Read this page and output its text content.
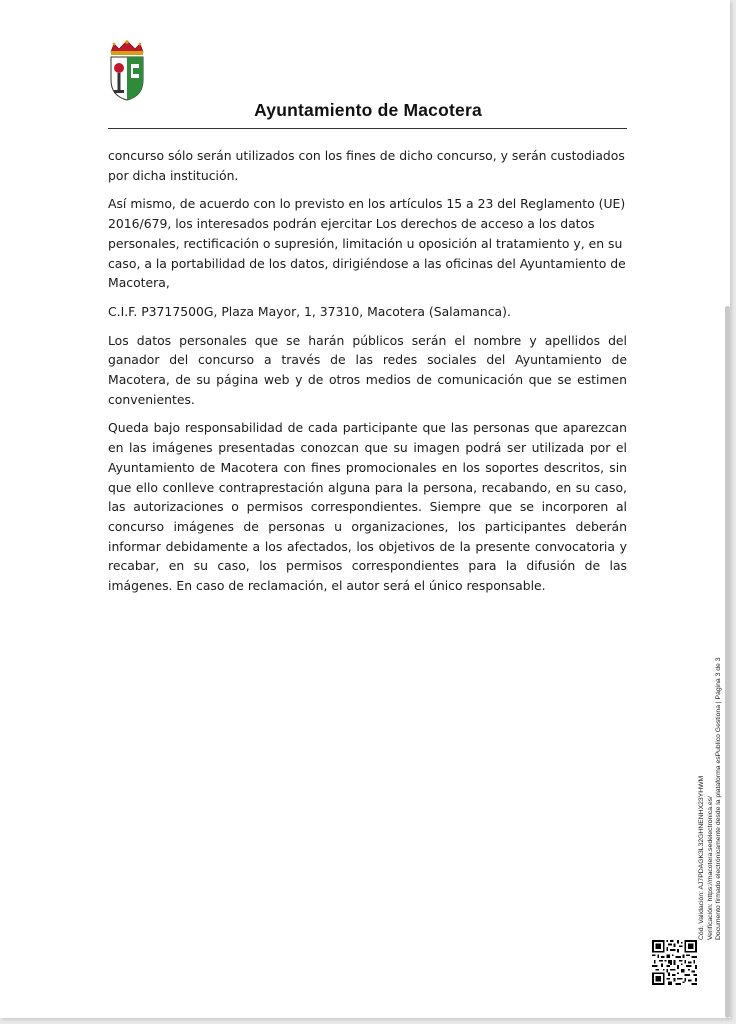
Ayuntamiento de Macotera

concurso sólo serán utilizados con los fines de dicho concurso, y serán custodiados por dicha institución.

Así mismo, de acuerdo con lo previsto en los artículos 15 a 23 del Reglamento (UE) 2016/679, los interesados podrán ejercitar Los derechos de acceso a los datos personales, rectificación o supresión, limitación u oposición al tratamiento y, en su caso, a la portabilidad de los datos, dirigiéndose a las oficinas del Ayuntamiento de Macotera,

C.I.F. P3717500G, Plaza Mayor, 1, 37310, Macotera (Salamanca).

Los datos personales que se harán públicos serán el nombre y apellidos del ganador del concurso a través de las redes sociales del Ayuntamiento de Macotera, de su página web y de otros medios de comunicación que se estimen convenientes.

Queda bajo responsabilidad de cada participante que las personas que aparezcan en las imágenes presentadas conozcan que su imagen podrá ser utilizada por el Ayuntamiento de Macotera con fines promocionales en los soportes descritos, sin que ello conlleve contraprestación alguna para la persona, recabando, en su caso, las autorizaciones o permisos correspondientes. Siempre que se incorporen al concurso imágenes de personas u organizaciones, los participantes deberán informar debidamente a los afectados, los objetivos de la presente convocatoria y recabar, en su caso, los permisos correspondientes para la difusión de las imágenes. En caso de reclamación, el autor será el único responsable.

Cód. Validación: AJ7PDAGK3L32GHNENHX23YHWM Verificación: https://macotera.sedelectronica.es/ Documento firmado electrónicamente desde la plataforma esPublico Gestiona | Página 3 de 3
